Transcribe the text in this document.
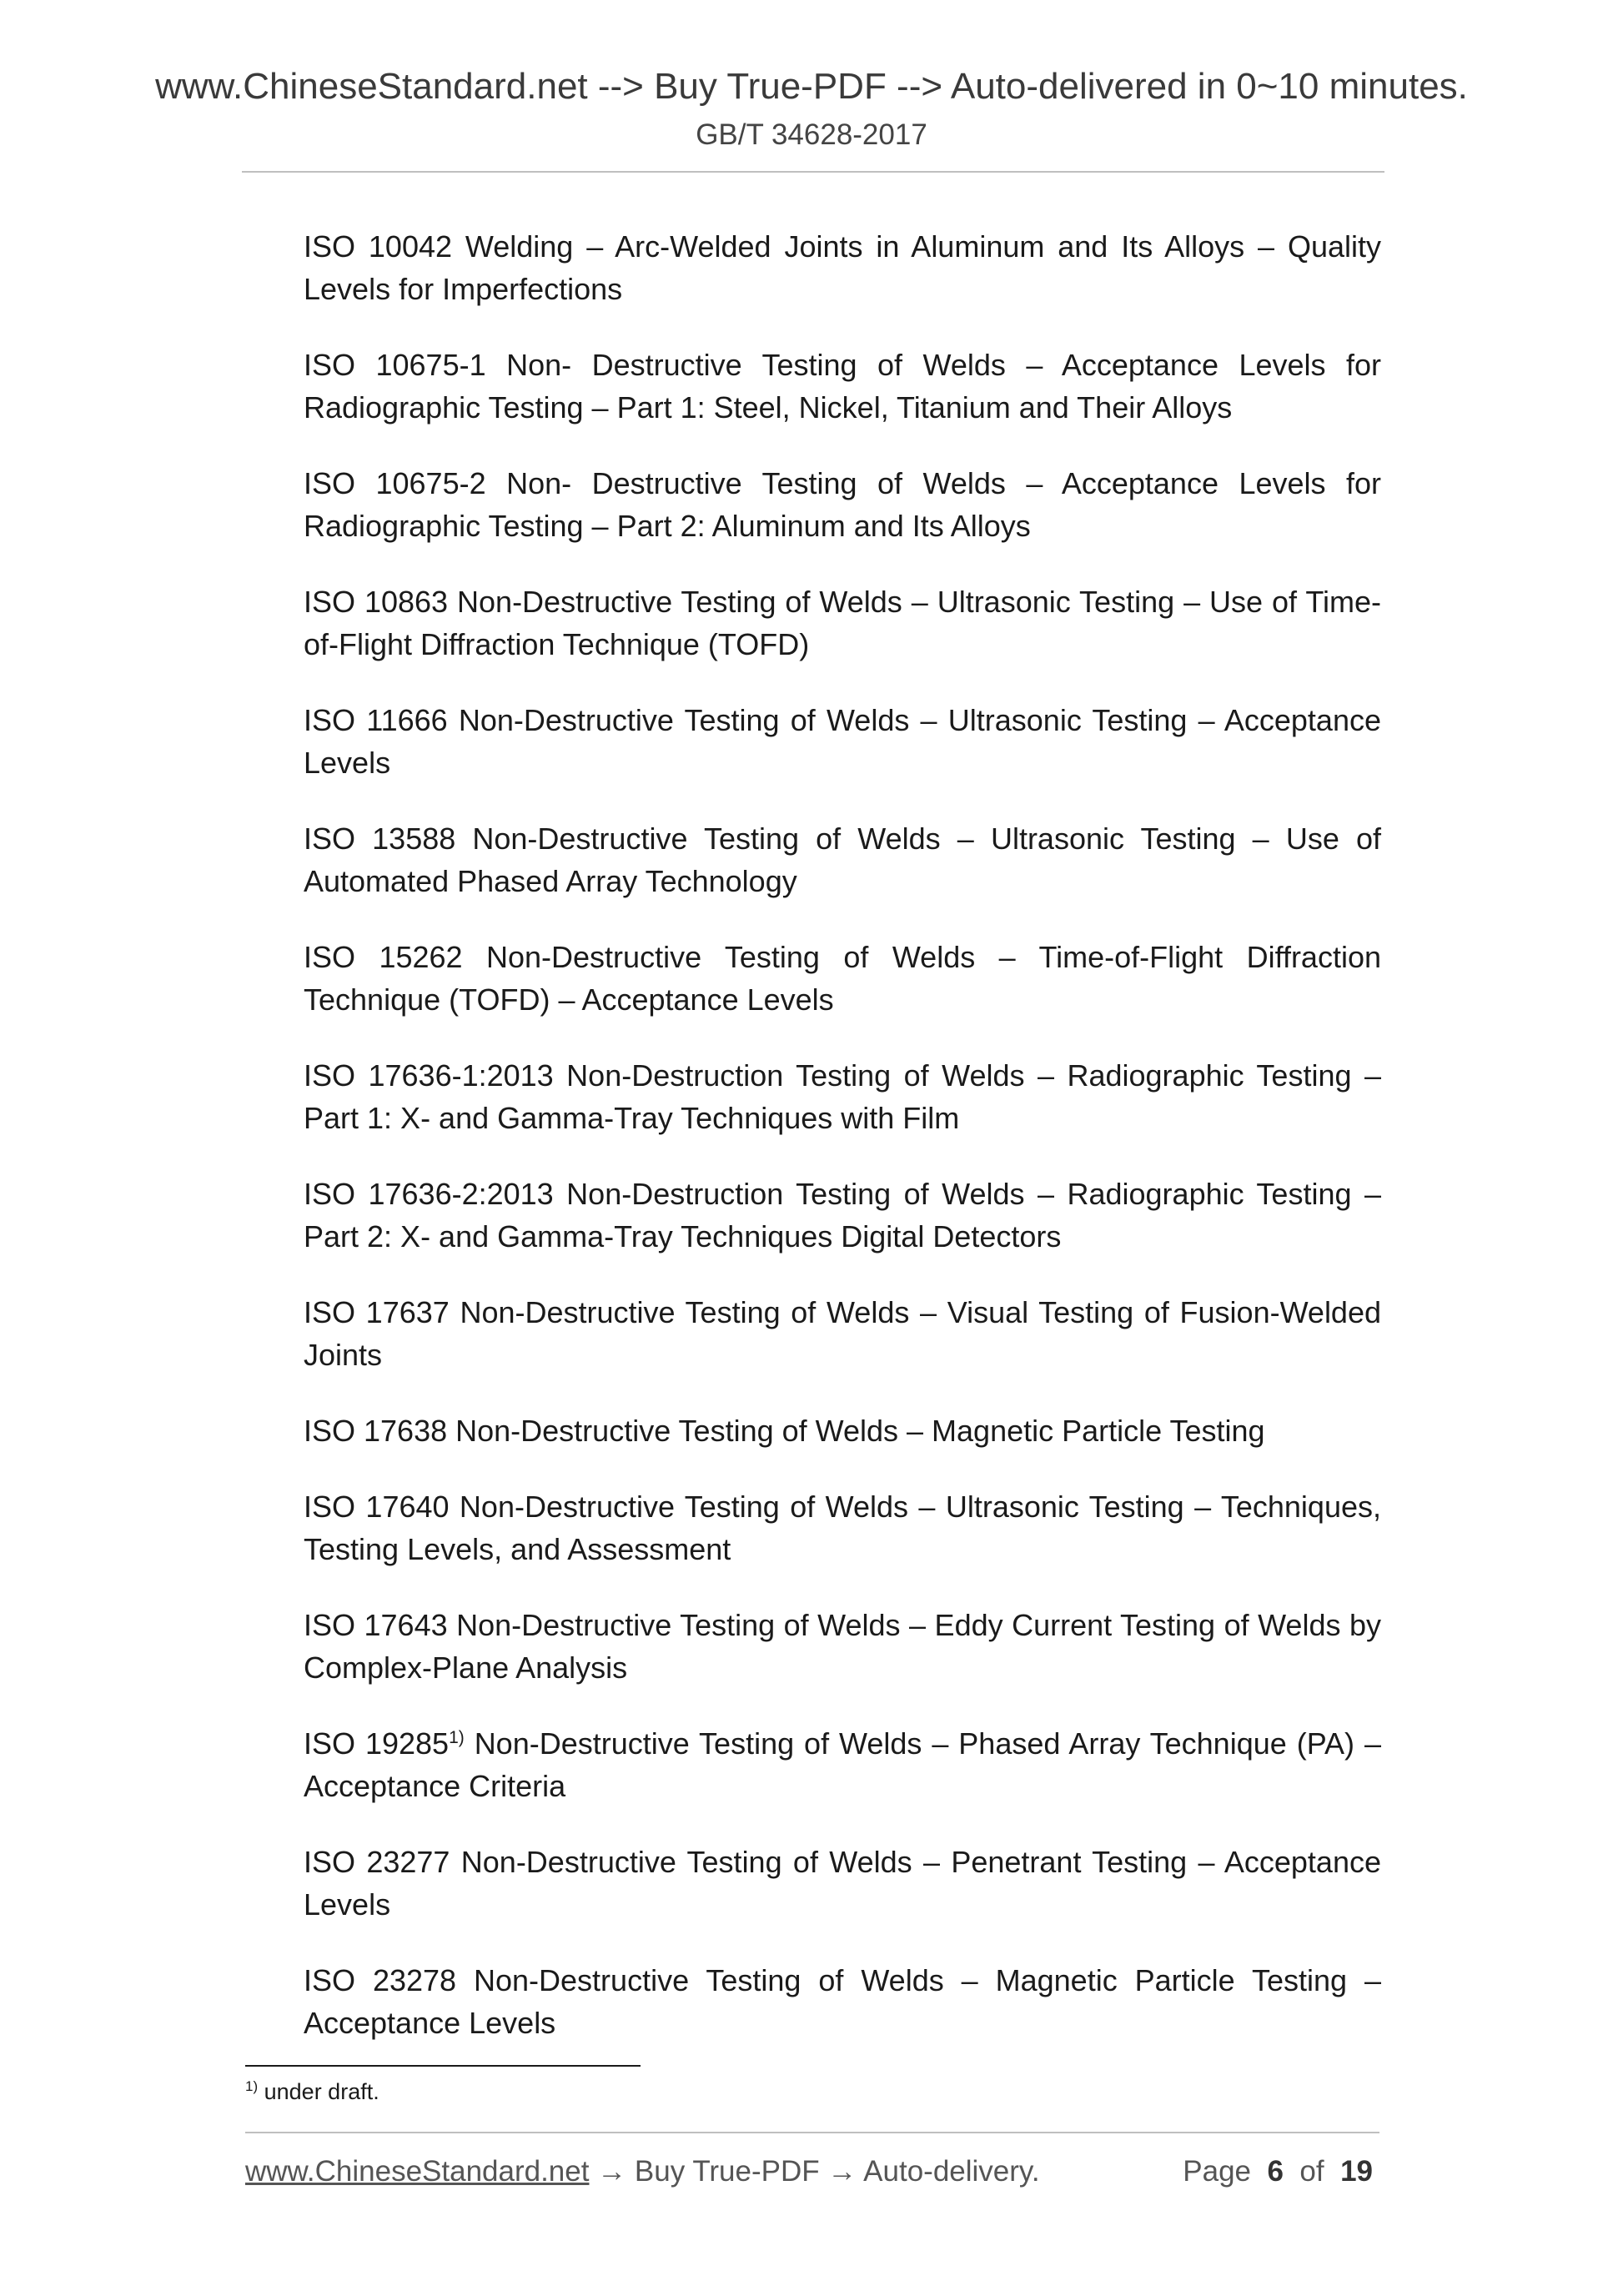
www.ChineseStandard.net --> Buy True-PDF --> Auto-delivered in 0~10 minutes.
GB/T 34628-2017
ISO 10042 Welding – Arc-Welded Joints in Aluminum and Its Alloys – Quality Levels for Imperfections
ISO 10675-1 Non- Destructive Testing of Welds – Acceptance Levels for Radiographic Testing – Part 1: Steel, Nickel, Titanium and Their Alloys
ISO 10675-2 Non- Destructive Testing of Welds – Acceptance Levels for Radiographic Testing – Part 2: Aluminum and Its Alloys
ISO 10863 Non-Destructive Testing of Welds – Ultrasonic Testing – Use of Time-of-Flight Diffraction Technique (TOFD)
ISO 11666 Non-Destructive Testing of Welds – Ultrasonic Testing – Acceptance Levels
ISO 13588 Non-Destructive Testing of Welds – Ultrasonic Testing – Use of Automated Phased Array Technology
ISO 15262 Non-Destructive Testing of Welds – Time-of-Flight Diffraction Technique (TOFD) – Acceptance Levels
ISO 17636-1:2013 Non-Destruction Testing of Welds – Radiographic Testing – Part 1: X- and Gamma-Tray Techniques with Film
ISO 17636-2:2013 Non-Destruction Testing of Welds – Radiographic Testing – Part 2: X- and Gamma-Tray Techniques Digital Detectors
ISO 17637 Non-Destructive Testing of Welds – Visual Testing of Fusion-Welded Joints
ISO 17638 Non-Destructive Testing of Welds – Magnetic Particle Testing
ISO 17640 Non-Destructive Testing of Welds – Ultrasonic Testing – Techniques, Testing Levels, and Assessment
ISO 17643 Non-Destructive Testing of Welds – Eddy Current Testing of Welds by Complex-Plane Analysis
ISO 19285$^{1)}$ Non-Destructive Testing of Welds – Phased Array Technique (PA) – Acceptance Criteria
ISO 23277 Non-Destructive Testing of Welds – Penetrant Testing – Acceptance Levels
ISO 23278 Non-Destructive Testing of Welds – Magnetic Particle Testing – Acceptance Levels
$^{1)}$ under draft.
www.ChineseStandard.net → Buy True-PDF → Auto-delivery.	Page 6 of 19
